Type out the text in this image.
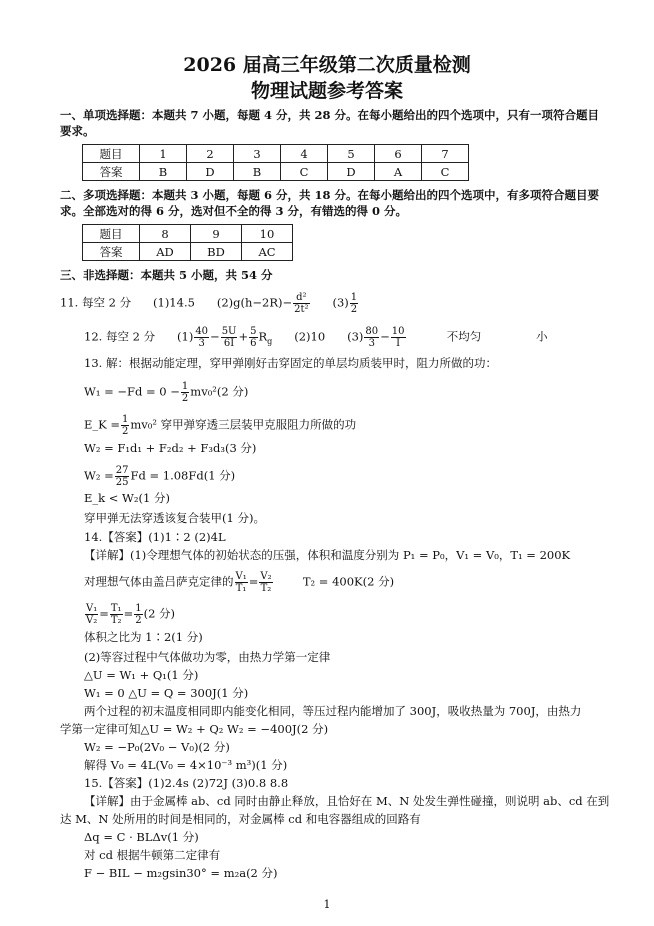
2026 届高三年级第二次质量检测
物理试题参考答案
一、单项选择题：本题共 7 小题，每题 4 分，共 28 分。在每小题给出的四个选项中，只有一项符合题目
要求。
题目	1	2	3	4	5	6	7
答案	B	D	B	C	D	A	C
二、多项选择题：本题共 3 小题，每题 6 分，共 18 分。在每小题给出的四个选项中，有多项符合题目要
求。全部选对的得 6 分，选对但不全的得 3 分，有错选的得 0 分。
题目	8	9	10
答案	AD	BD	AC
三、非选择题：本题共 5 小题，共 54 分
11. 每空 2 分 (1)14.5 $(2)g(h-2R)- \frac{\text{d²}}{\text{2t²}} (3) \frac{1}{2}$
12. 每空 2 分 $(1) \frac{40}{3} - \frac{5U}{6I} + \frac{5}{6} R_g$ (2)10 $(3) \frac{80}{3} - \frac{10}{I}$	不均匀	小
13. 解：根据动能定理，穿甲弹刚好击穿固定的单层均质装甲时，阻力所做的功：
$W_1 = -Fd = 0 - \frac{1}{2} mv_0^2(2$ 分)
E_K = $\frac{1}{2} mv_0^2$ 穿甲弹穿透三层装甲克服阻力所做的功
W₂ = F₁d₁ + F₂d₂ + F₃d₃(3 分)
$W_2 = \frac{27}{25}$ Fd = 1.08Fd(1 分)
E_k < W₂(1 分)
穿甲弹无法穿透该复合装甲(1 分)。
14.【答案】(1)1∶2 (2)4L
【详解】(1)令理想气体的初始状态的压强，体积和温度分别为 P₁ = P₀，V₁ = V₀，T₁ = 200K
对理想气体由盖吕萨克定律的 $\frac{\text{V₁}}{\text{T₁}} = \frac{\text{V₂}}{\text{T₂}}$	T₂ = 400K(2 分)
$\frac{\text{V₁}}{\text{V₂}} = \frac{\text{T₁}}{\text{T₂}} = \frac{1}{2} (2$ 分)
体积之比为 1∶2(1 分)
(2)等容过程中气体做功为零，由热力学第一定律
△U = W₁ + Q₁(1 分)
W₁ = 0 △U = Q = 300J(1 分)
两个过程的初末温度相同即内能变化相同，等压过程内能增加了 300J，吸收热量为 700J，由热力
学第一定律可知△U = W₂ + Q₂ W₂ = −400J(2 分)
W₂ = −P₀(2V₀ − V₀)(2 分)
解得 V₀ = 4L(V₀ = 4×10⁻³ m³)(1 分)
15.【答案】(1)2.4s (2)72J (3)0.8 8.8
【详解】由于金属棒 ab、cd 同时由静止释放，且恰好在 M、N 处发生弹性碰撞，则说明 ab、cd 在到
达 M、N 处所用的时间是相同的，对金属棒 cd 和电容器组成的回路有
Δq = C · BLΔv(1 分)
对 cd 根据牛顿第二定律有
F − BIL − m₂gsin30° = m₂a(2 分)
1
